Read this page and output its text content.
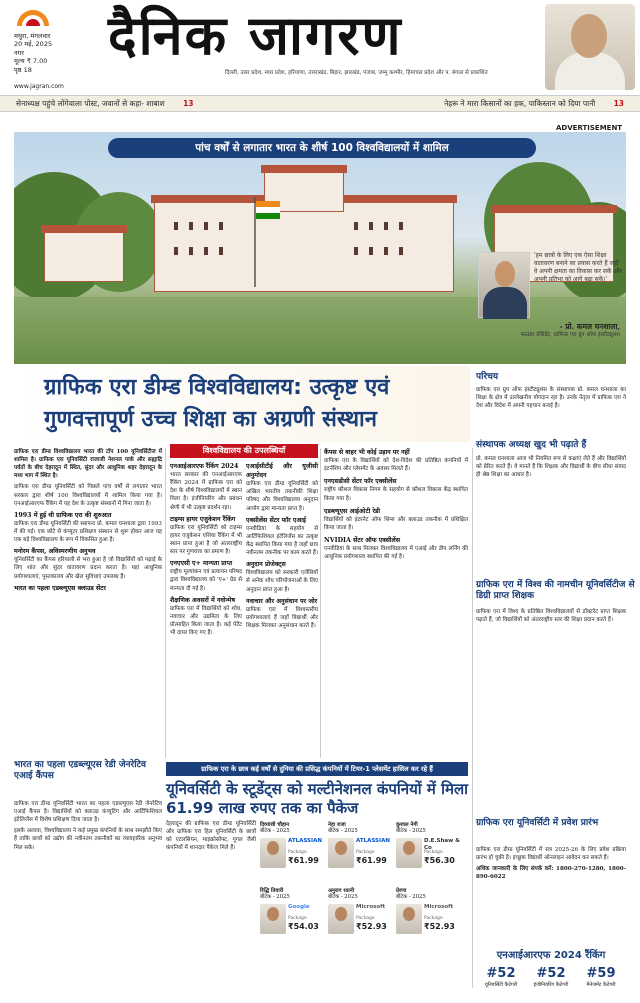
मथुरा, मंगलवार
20 मई, 2025
नगर
मूल्य ₹ 7.00
पृष्ठ 18
दैनिक जागरण
दिल्ली, उत्तर प्रदेश, मध्य प्रदेश, हरियाणा, उत्तराखंड, बिहार, झारखंड, पंजाब, जम्मू कश्मीर, हिमाचल प्रदेश और प. बंगाल से प्रकाशित
www.jagran.com
सेनाध्यक्ष पहुंचे लोंगेवाला पोस्ट, जवानों से कहा- शाबाश 13	नेहरू ने मारा किसानों का हक, पाकिस्तान को दिया पानी 13
ADVERTISEMENT
पांच वर्षों से लगातार भारत के शीर्ष 100 विश्वविद्यालयों में शामिल
'हम छात्रों के लिए एक ऐसा शिक्षा वातावरण बनाने का प्रयास करते हैं जहाँ वे अपनी क्षमता का विकास कर सकें और अपनी प्रतिभा को आगे बढ़ा सकें।'
- प्रो. कमल घनशाला,
फाउंडर प्रेसिडेंट, ग्राफिक एरा ग्रुप ऑफ इंस्टीट्यूशंस
ग्राफिक एरा डीम्ड विश्वविद्यालय: उत्कृष्ट एवं गुणवत्तापूर्ण उच्च शिक्षा का अग्रणी संस्थान

ग्राफिक एरा डीम्ड विश्वविद्यालय भारत की टॉप 100 यूनिवर्सिटीज में शामिल है। ग्राफिक एरा यूनिवर्सिटी राजाजी नेशनल पार्क और सह्याद्रि पर्वतों के बीच देहरादून में स्थित, सुंदर और आधुनिक शहर देहरादून के मध्य भाग में स्थित है।

ग्राफिक एरा डीम्ड यूनिवर्सिटी को पिछले पांच वर्षों से लगातार भारत सरकार द्वारा शीर्ष 100 विश्वविद्यालयों में शामिल किया गया है। एनआईआरएफ रैंकिंग में यह देश के उत्कृष्ट संस्थानों में गिना जाता है।

1993 में हुई थी ग्राफिक एरा की शुरुआत

ग्राफिक एरा डीम्ड यूनिवर्सिटी की स्थापना प्रो. कमल घनशाला द्वारा 1993 में की गई। एक छोटे से कंप्यूटर प्रशिक्षण संस्थान से शुरू होकर आज यह एक बड़े विश्वविद्यालय के रूप में विकसित हुआ है।

मनोरम कैंपस, अविस्मरणीय अनुभव

यूनिवर्सिटी का कैंपस हरियाली से भरा हुआ है जो विद्यार्थियों को पढ़ाई के लिए शांत और सुंदर वातावरण प्रदान करता है। यहां आधुनिक प्रयोगशालाएं, पुस्तकालय और खेल सुविधाएं उपलब्ध हैं।

भारत का पहला एडब्ल्यूएस क्लाउड सेंटर

भारत का पहला एडब्ल्यूएस रेडी जेनरेटिव एआई कैंपस

ग्राफिक एरा डीम्ड यूनिवर्सिटी भारत का पहला एडब्ल्यूएस रेडी जेनरेटिव एआई कैंपस है। विद्यार्थियों को क्लाउड कंप्यूटिंग और आर्टिफिशियल इंटेलिजेंस में विशेष प्रशिक्षण दिया जाता है।

इसके अलावा, विश्वविद्यालय ने कई प्रमुख कंपनियों के साथ समझौते किए हैं ताकि छात्रों को उद्योग की नवीनतम तकनीकों का व्यावहारिक अनुभव मिल सके।

विश्वविद्यालय की उपलब्धियाँ

एनआईआरएफ रैंकिंग 2024

भारत सरकार की एनआईआरएफ रैंकिंग 2024 में ग्राफिक एरा को देश के शीर्ष विश्वविद्यालयों में स्थान मिला है। इंजीनियरिंग और प्रबंधन श्रेणी में भी उत्कृष्ट प्रदर्शन रहा।

टाइम्स हायर एजुकेशन रैंकिंग

ग्राफिक एरा यूनिवर्सिटी को टाइम्स हायर एजुकेशन एशिया रैंकिंग में भी स्थान प्राप्त हुआ है जो अंतरराष्ट्रीय स्तर पर गुणवत्ता का प्रमाण है।

एनएएसी ए+ मान्यता प्राप्त

राष्ट्रीय मूल्यांकन एवं प्रत्यायन परिषद द्वारा विश्वविद्यालय को 'ए+' ग्रेड से मान्यता दी गई है।

शैक्षणिक अवसरों में नवोन्मेष

ग्राफिक एरा में विद्यार्थियों को शोध, नवाचार और उद्यमिता के लिए प्रोत्साहित किया जाता है। कई पेटेंट भी दायर किए गए हैं।

एआईसीटीई और यूजीसी अनुमोदन

ग्राफिक एरा डीम्ड यूनिवर्सिटी को अखिल भारतीय तकनीकी शिक्षा परिषद और विश्वविद्यालय अनुदान आयोग द्वारा मान्यता प्राप्त है।

एक्सीलेंस सेंटर फॉर एआई

एनवीडिया के सहयोग से आर्टिफिशियल इंटेलिजेंस का उत्कृष्ट केंद्र स्थापित किया गया है जहाँ छात्र नवीनतम तकनीक पर काम करते हैं।

अनुदान प्रोजेक्ट्स

विश्वविद्यालय को सरकारी एजेंसियों से अनेक शोध परियोजनाओं के लिए अनुदान प्राप्त हुआ है।

नवाचार और अनुसंधान पर जोर

ग्राफिक एरा में विश्वस्तरीय प्रयोगशालाएं हैं जहाँ विद्यार्थी और शिक्षक मिलकर अनुसंधान करते हैं।

कैंपस से बाहर भी कोई उड़ान पर नहीं

ग्राफिक एरा के विद्यार्थियों को देश-विदेश की प्रतिष्ठित कंपनियों में इंटर्नशिप और प्लेसमेंट के अवसर मिलते हैं।

एनएसडीसी सेंटर फॉर एक्सीलेंस

राष्ट्रीय कौशल विकास निगम के सहयोग से कौशल विकास केंद्र स्थापित किया गया है।

एडब्ल्यूएस आईओटी रेडी

विद्यार्थियों को इंटरनेट ऑफ थिंग्स और क्लाउड तकनीक में प्रशिक्षित किया जाता है।

NVIDIA सेंटर ऑफ एक्सीलेंस

एनवीडिया के साथ मिलकर विश्वविद्यालय में एआई और डीप लर्निंग की आधुनिक प्रयोगशाला स्थापित की गई है।

परिचय
ग्राफिक एरा ग्रुप ऑफ इंस्टीट्यूशंस के संस्थापक प्रो. कमल घनशाला का शिक्षा के क्षेत्र में उल्लेखनीय योगदान रहा है। उनके नेतृत्व में ग्राफिक एरा ने देश और विदेश में अपनी पहचान बनाई है।
संस्थापक अध्यक्ष खुद भी पढ़ाते हैं
प्रो. कमल घनशाला आज भी नियमित रूप से कक्षाएं लेते हैं और विद्यार्थियों को प्रेरित करते हैं। वे मानते हैं कि शिक्षक और विद्यार्थी के बीच सीधा संवाद ही श्रेष्ठ शिक्षा का आधार है।
ग्राफिक एरा में विश्व की नामचीन यूनिवर्सिटीज से डिग्री प्राप्त शिक्षक
ग्राफिक एरा में विश्व के प्रतिष्ठित विश्वविद्यालयों से डॉक्टरेट प्राप्त शिक्षक पढ़ाते हैं, जो विद्यार्थियों को अंतरराष्ट्रीय स्तर की शिक्षा प्रदान करते हैं।
ग्राफिक एरा यूनिवर्सिटी में प्रवेश प्रारंभ

ग्राफिक एरा डीम्ड यूनिवर्सिटी में सत्र 2025-26 के लिए प्रवेश प्रक्रिया प्रारंभ हो चुकी है। इच्छुक विद्यार्थी ऑनलाइन आवेदन कर सकते हैं।

अधिक जानकारी के लिए संपर्क करें: 1800-270-1280, 1800-890-6022

ग्राफिक एरा के छात्र कई वर्षों से दुनिया की प्रसिद्ध कंपनियों में टियर-1 प्लेसमेंट हासिल कर रहे हैं
यूनिवर्सिटी के स्टूडेंट्स को मल्टीनेशनल कंपनियों में मिला 61.99 लाख रुपए तक का पैकेज
देहरादून की ग्राफिक एरा डीम्ड यूनिवर्सिटी और ग्राफिक एरा हिल यूनिवर्सिटी के छात्रों को एटलसियन, माइक्रोसॉफ्ट, गूगल जैसी कंपनियों में शानदार पैकेज मिले हैं।
दिव्यांशी चौहान
बीटेक - 2025
ATLASSIAN
Package
₹61.99
नेहा राजा
बीटेक - 2025
ATLASSIAN
Package
₹61.99
कुशाल नेगी
बीटेक - 2025
D.E.Shaw & Co
Package
₹56.30
रिद्धि तिवारी
बीटेक - 2025
Google
Package
₹54.03
अनुराग ध्यानी
बीटेक - 2025
Microsoft
Package
₹52.93
प्रेरणा
बीटेक - 2025
Microsoft
Package
₹52.93
एनआईआरएफ 2024 रैंकिंग
#52
यूनिवर्सिटी कैटेगरी
#52
इंजीनियरिंग कैटेगरी
#59
मैनेजमेंट कैटेगरी
